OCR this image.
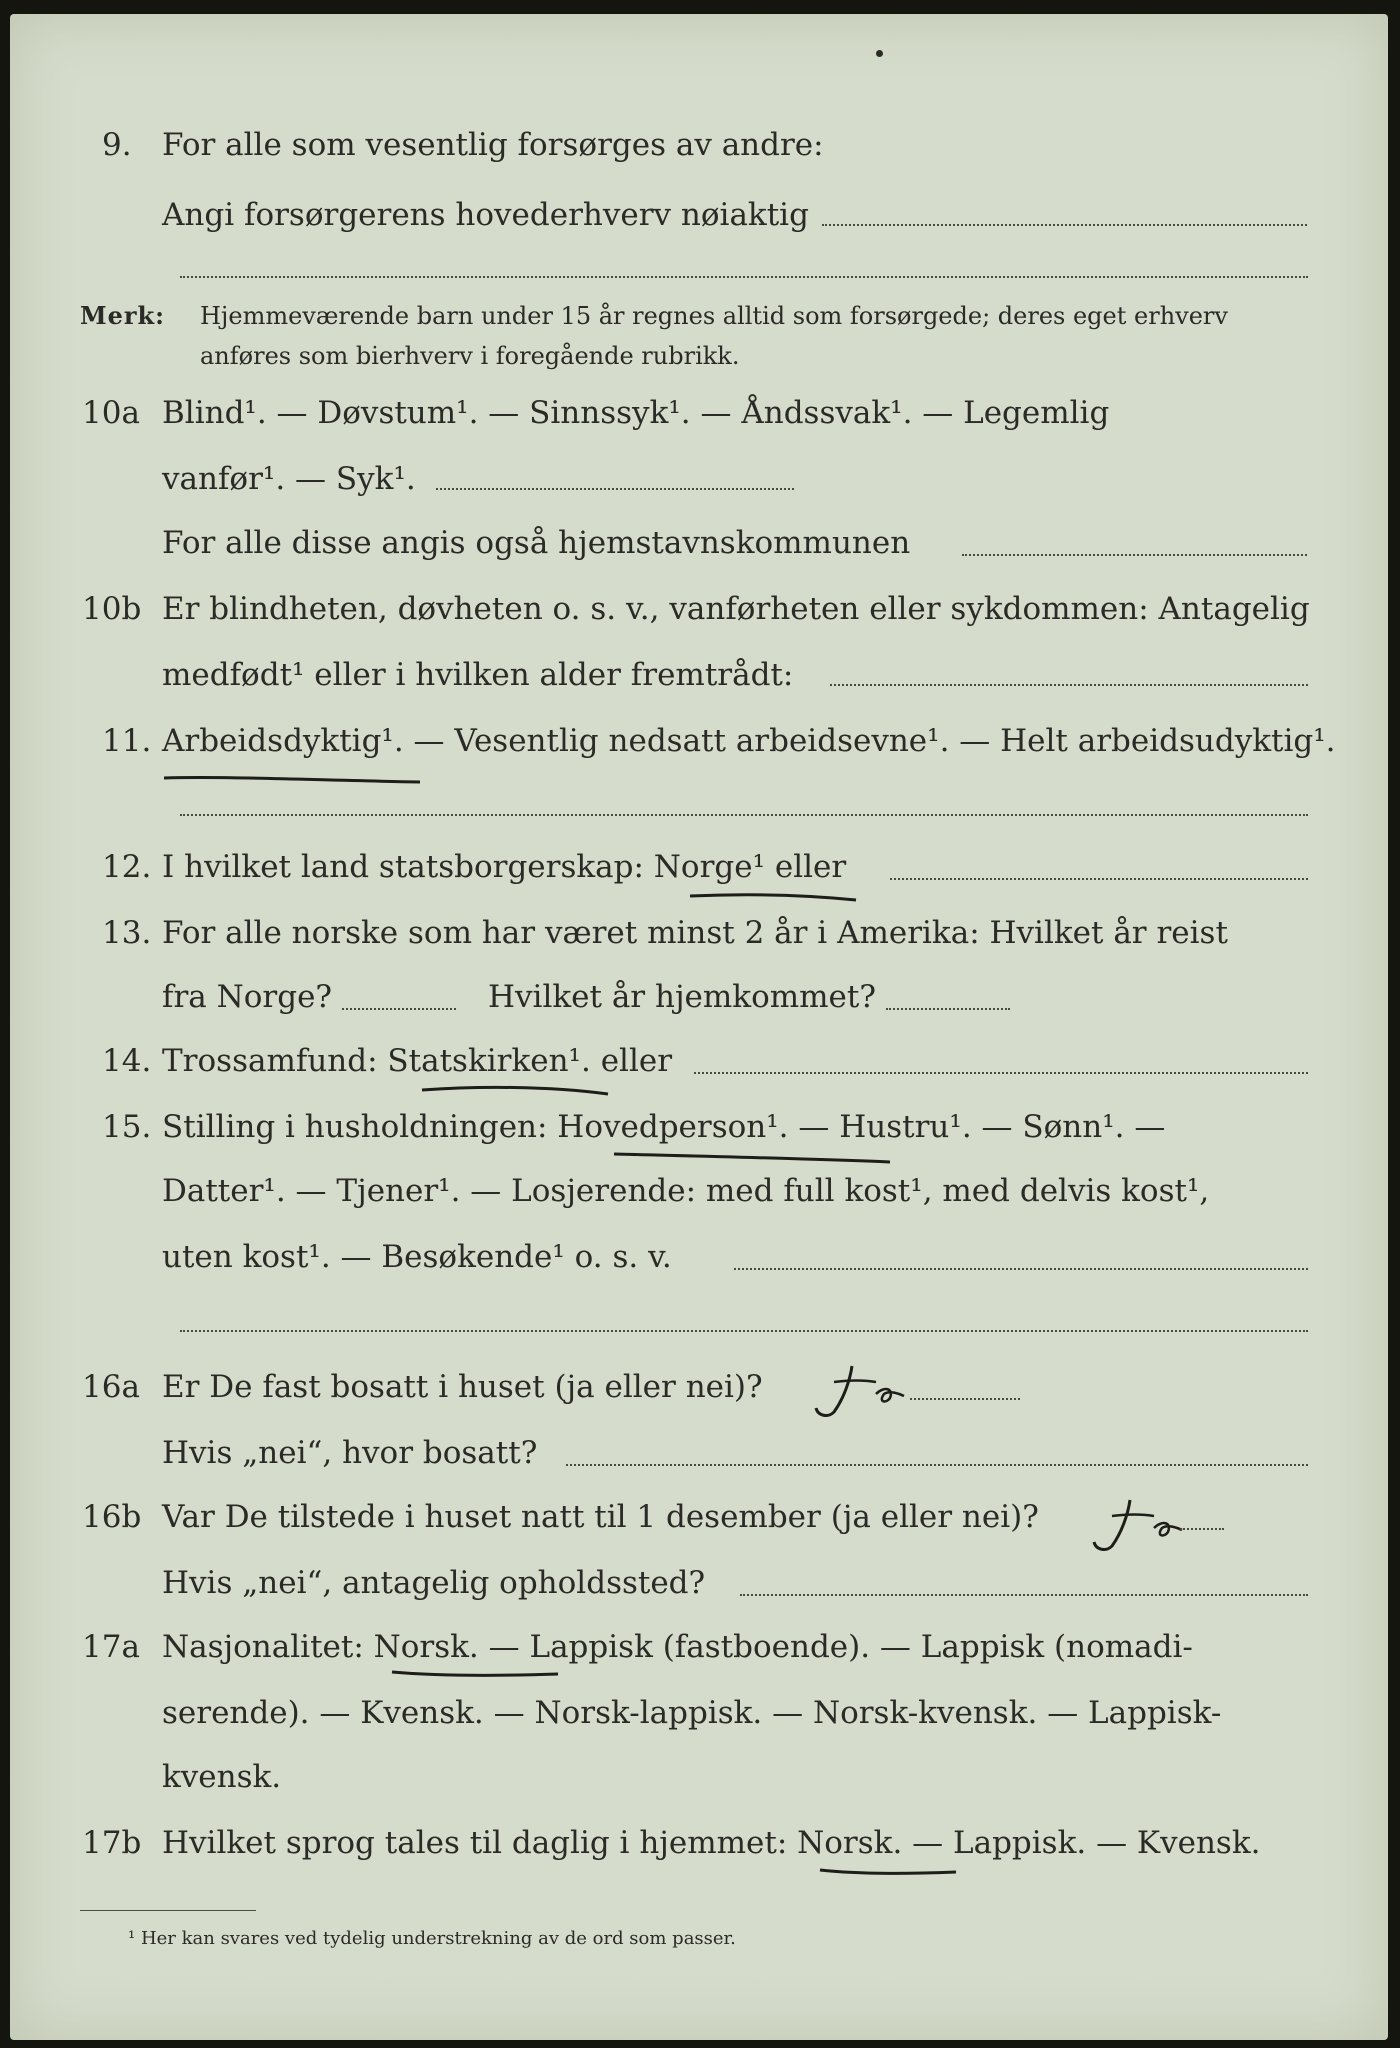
9. For alle som vesentlig forsørges av andre:
Angi forsørgerens hovederhverv nøiaktig
Merk: Hjemmeværende barn under 15 år regnes alltid som forsørgede; deres eget erhverv
anføres som bierhverv i foregående rubrikk.
10a Blind¹. — Døvstum¹. — Sinnssyk¹. — Åndssvak¹. — Legemlig
vanfør¹. — Syk¹.
For alle disse angis også hjemstavnskommunen
10b Er blindheten, døvheten o. s. v., vanførheten eller sykdommen: Antagelig
medfødt¹ eller i hvilken alder fremtrådt:
11. Arbeidsdyktig¹. — Vesentlig nedsatt arbeidsevne¹. — Helt arbeidsudyktig¹.
12. I hvilket land statsborgerskap: Norge¹ eller
13. For alle norske som har været minst 2 år i Amerika: Hvilket år reist
fra Norge?	Hvilket år hjemkommet?
14. Trossamfund: Statskirken¹. eller
15. Stilling i husholdningen: Hovedperson¹. — Hustru¹. — Sønn¹. —
Datter¹. — Tjener¹. — Losjerende: med full kost¹, med delvis kost¹,
uten kost¹. — Besøkende¹ o. s. v.
16a Er De fast bosatt i huset (ja eller nei)?
Hvis „nei“, hvor bosatt?
16b Var De tilstede i huset natt til 1 desember (ja eller nei)?
Hvis „nei“, antagelig opholdssted?
17a Nasjonalitet: Norsk. — Lappisk (fastboende). — Lappisk (nomadi-
serende). — Kvensk. — Norsk-lappisk. — Norsk-kvensk. — Lappisk-
kvensk.
17b Hvilket sprog tales til daglig i hjemmet: Norsk. — Lappisk. — Kvensk.
¹ Her kan svares ved tydelig understrekning av de ord som passer.
